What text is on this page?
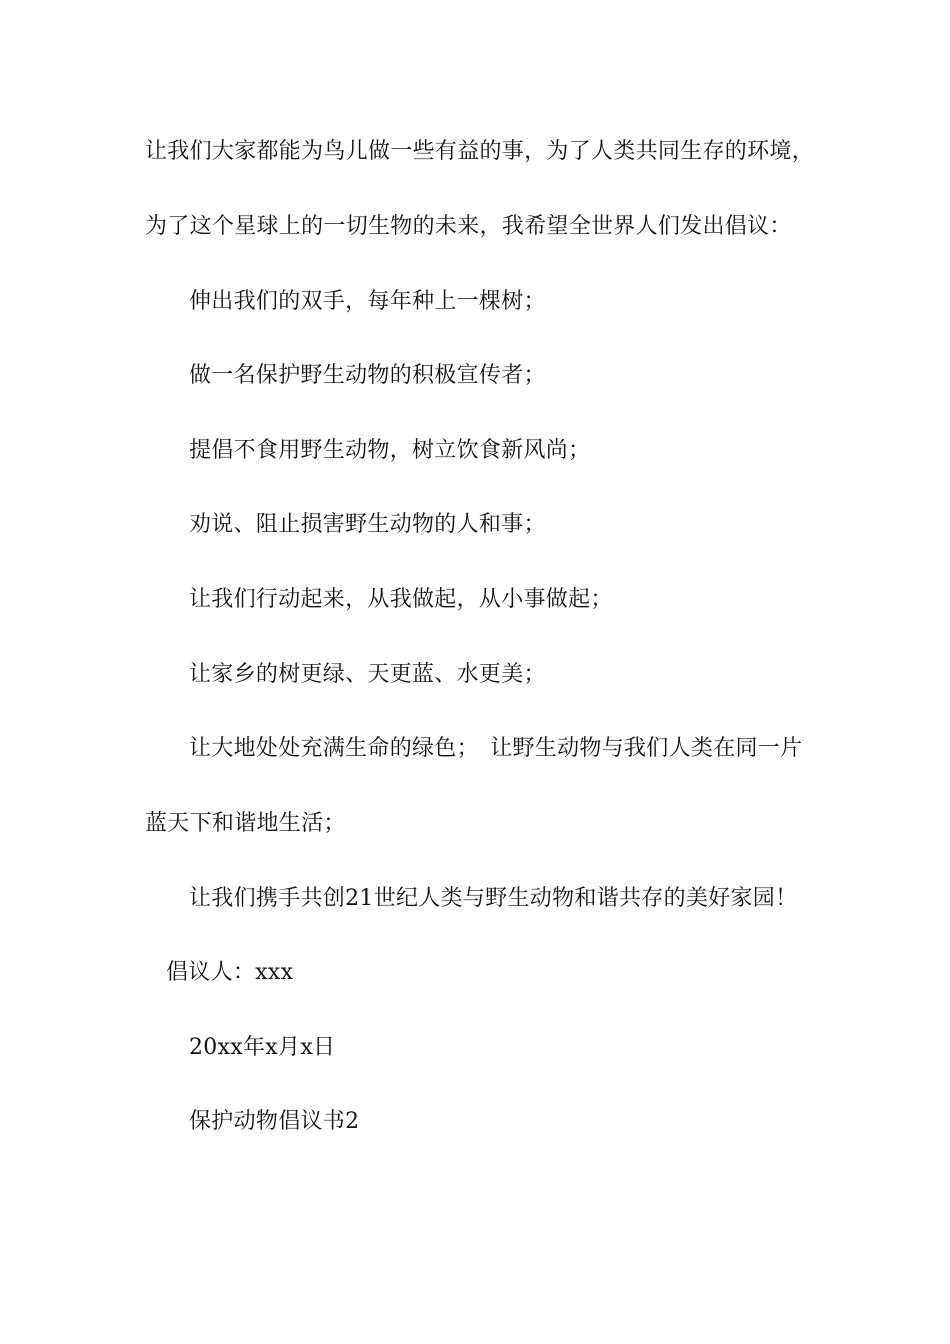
让我们大家都能为鸟儿做一些有益的事，为了人类共同生存的环境，
为了这个星球上的一切生物的未来，我希望全世界人们发出倡议：
伸出我们的双手，每年种上一棵树；
做一名保护野生动物的积极宣传者；
提倡不食用野生动物，树立饮食新风尚；
劝说、阻止损害野生动物的人和事；
让我们行动起来，从我做起，从小事做起；
让家乡的树更绿、天更蓝、水更美；
让大地处处充满生命的绿色；　让野生动物与我们人类在同一片
蓝天下和谐地生活；
让我们携手共创21世纪人类与野生动物和谐共存的美好家园！
倡议人：xxx
20xx年x月x日
保护动物倡议书2
